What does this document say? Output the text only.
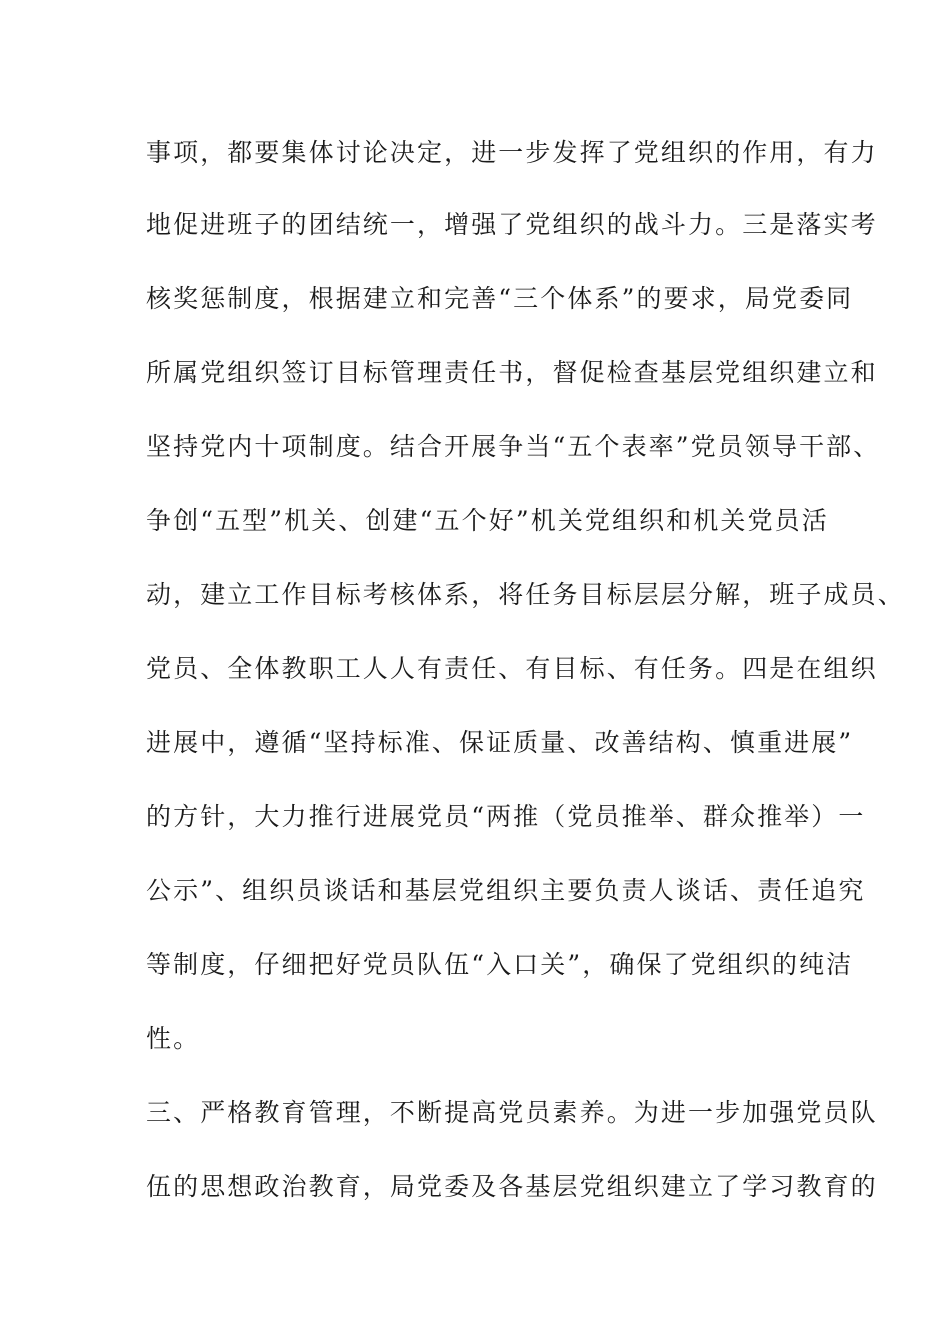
事项，都要集体讨论决定，进一步发挥了党组织的作用，有力
地促进班子的团结统一，增强了党组织的战斗力。三是落实考
核奖惩制度，根据建立和完善“三个体系”的要求，局党委同
所属党组织签订目标管理责任书，督促检查基层党组织建立和
坚持党内十项制度。结合开展争当“五个表率”党员领导干部、
争创“五型”机关、创建“五个好”机关党组织和机关党员活
动，建立工作目标考核体系，将任务目标层层分解，班子成员、
党员、全体教职工人人有责任、有目标、有任务。四是在组织
进展中，遵循“坚持标准、保证质量、改善结构、慎重进展”
的方针，大力推行进展党员“两推（党员推举、群众推举）一
公示”、组织员谈话和基层党组织主要负责人谈话、责任追究
等制度，仔细把好党员队伍“入口关”，确保了党组织的纯洁
性。
三、严格教育管理，不断提高党员素养。为进一步加强党员队
伍的思想政治教育，局党委及各基层党组织建立了学习教育的
